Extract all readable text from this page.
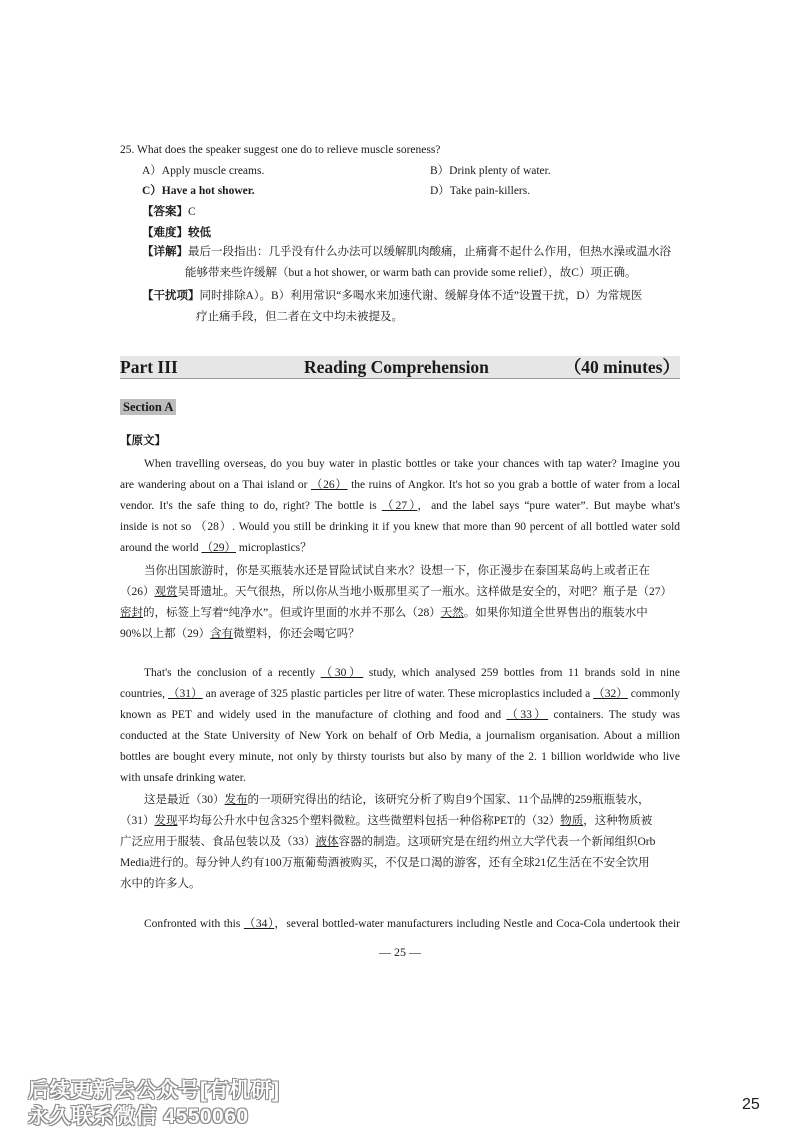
25. What does the speaker suggest one do to relieve muscle soreness?
A）Apply muscle creams.	B）Drink plenty of water.
C）Have a hot shower.	D）Take pain-killers.
【答案】C
【难度】较低
【详解】最后一段指出：几乎没有什么办法可以缓解肌肉酸痛，止痛膏不起什么作用，但热水澡或温水浴
能够带来些许缓解（but a hot shower, or warm bath can provide some relief），故C）项正确。
【干扰项】同时排除A）。B）利用常识“多喝水来加速代谢、缓解身体不适”设置干扰，D）为常规医
疗止痛手段，但二者在文中均未被提及。
Part III	Reading Comprehension	（40 minutes）
Section A
【原文】
When travelling overseas, do you buy water in plastic bottles or take your chances with tap water? Imagine you
are wandering about on a Thai island or （26） the ruins of Angkor. It's hot so you grab a bottle of water from a local
vendor. It's the safe thing to do, right? The bottle is （27），and the label says “pure water”. But maybe what's
inside is not so （28）. Would you still be drinking it if you knew that more than 90 percent of all bottled water sold
around the world （29） microplastics？
当你出国旅游时，你是买瓶装水还是冒险试试自来水？设想一下，你正漫步在泰国某岛屿上或者正在
（26）观赏吴哥遗址。天气很热，所以你从当地小贩那里买了一瓶水。这样做是安全的，对吧？瓶子是（27）
密封的，标签上写着“纯净水”。但或许里面的水并不那么（28）天然。如果你知道全世界售出的瓶装水中
90%以上都（29）含有微塑料，你还会喝它吗？
That's the conclusion of a recently （30） study, which analysed 259 bottles from 11 brands sold in nine
countries, （31） an average of 325 plastic particles per litre of water. These microplastics included a （32） commonly
known as PET and widely used in the manufacture of clothing and food and （33） containers. The study was
conducted at the State University of New York on behalf of Orb Media, a journalism organisation. About a million
bottles are bought every minute, not only by thirsty tourists but also by many of the 2. 1 billion worldwide who live
with unsafe drinking water.
这是最近（30）发布的一项研究得出的结论，该研究分析了购自9个国家、11个品牌的259瓶瓶装水，
（31）发现平均每公升水中包含325个塑料微粒。这些微塑料包括一种俗称PET的（32）物质，这种物质被
广泛应用于服装、食品包装以及（33）液体容器的制造。这项研究是在纽约州立大学代表一个新闻组织Orb
Media进行的。每分钟人约有100万瓶葡萄酒被购买，不仅是口渴的游客，还有全球21亿生活在不安全饮用
水中的许多人。
Confronted with this （34），several bottled-water manufacturers including Nestle and Coca-Cola undertook their
— 25 —
后续更新去公众号[有机研]
永久联系微信 4550060
25
